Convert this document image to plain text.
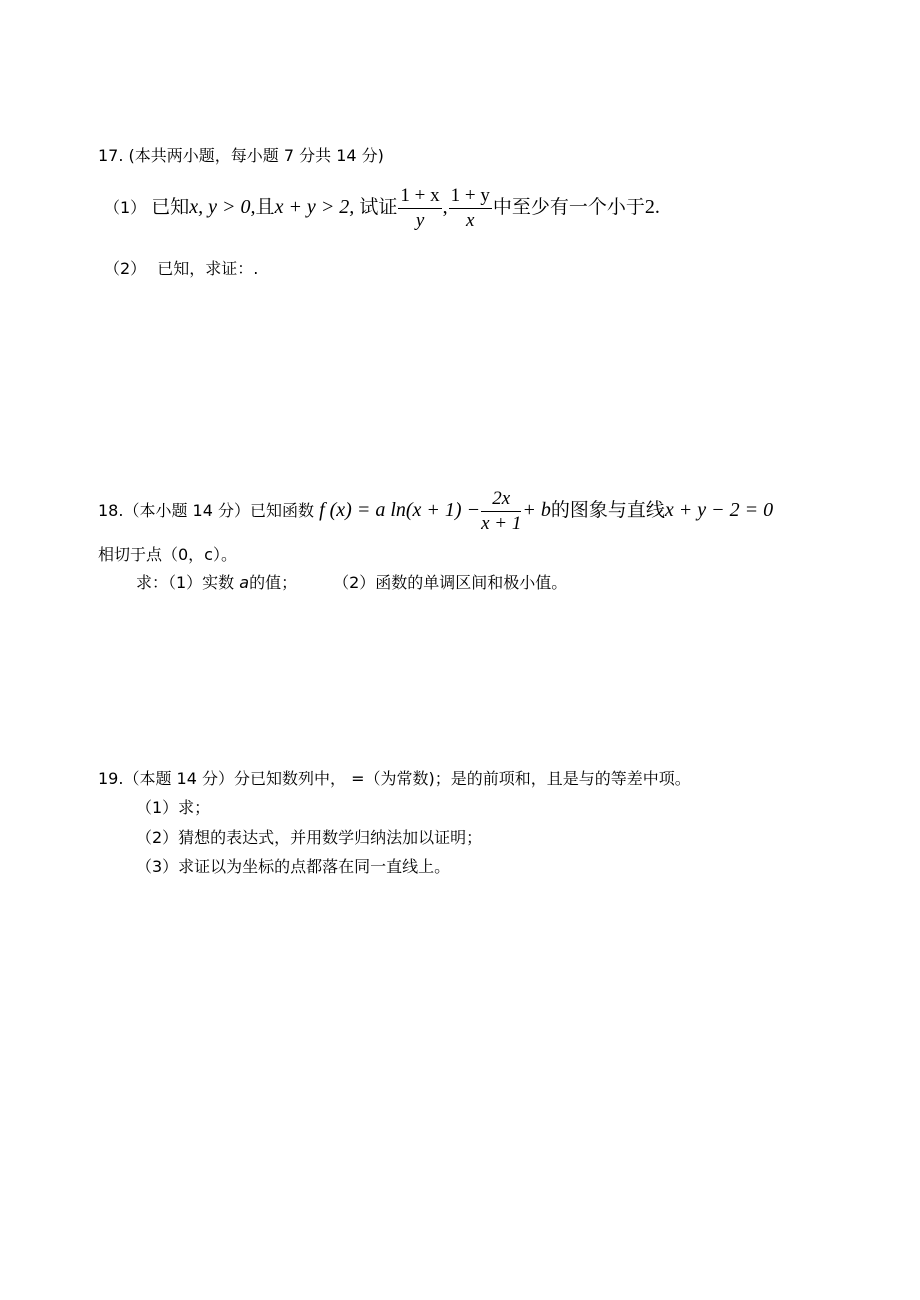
17. (本共两小题，每小题 7 分共 14 分)
（1） 已知x, y > 0,且x + y > 2, 试证 $\frac{1 + x}{y}$ , $\frac{1 + y}{x}$ 中至少有一个小于2.
（2） 已知，求证：.
18.（本小题 14 分）已知函数 f (x) = a $\ln(x + 1) - \frac{2x}{x + 1} + b$的图象与直线x + y − 2 = 0
相切于点（0，c）。
求：（1）实数 a的值；	（2）函数的单调区间和极小值。
19.（本题 14 分）分已知数列中， =（为常数)；是的前项和，且是与的等差中项。
（1）求；
（2）猜想的表达式，并用数学归纳法加以证明；
（3）求证以为坐标的点都落在同一直线上。
